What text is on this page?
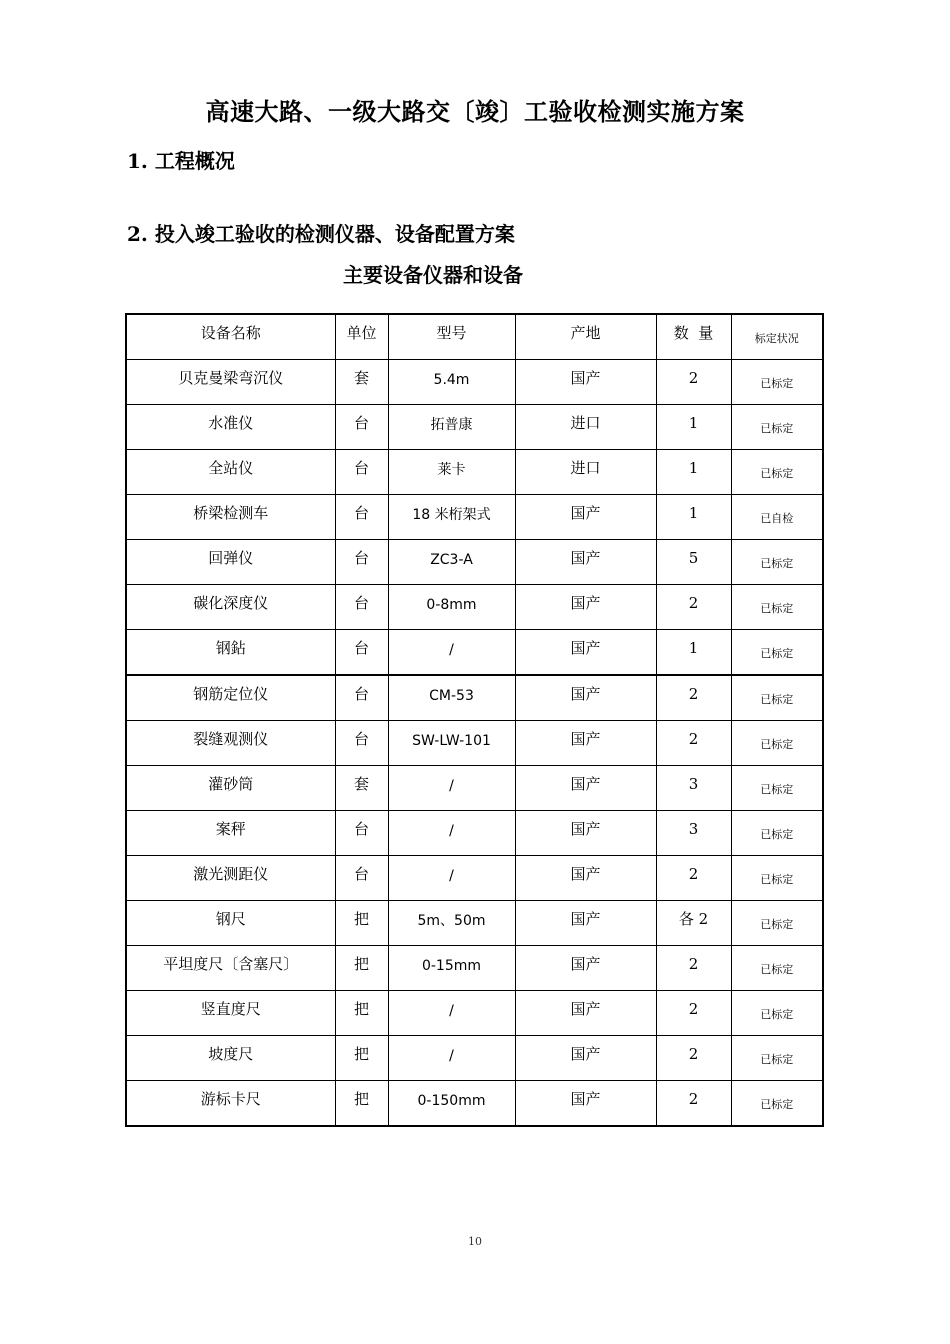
高速大路、一级大路交〔竣〕工验收检测实施方案
1. 工程概况
2. 投入竣工验收的检测仪器、设备配置方案
主要设备仪器和设备
设备名称	单位	型号	产地	数  量	标定状况

贝克曼梁弯沉仪	套	5.4m	国产	2	已标定

水准仪	台	拓普康	进口	1	已标定

全站仪	台	莱卡	进口	1	已标定

桥梁检测车	台	18 米桁架式	国产	1	已自检

回弹仪	台	ZC3-A	国产	5	已标定

碳化深度仪	台	0-8mm	国产	2	已标定

钢鉆	台	/	国产	1	已标定

钢筋定位仪	台	CM-53	国产	2	已标定

裂缝观测仪	台	SW-LW-101	国产	2	已标定

灌砂筒	套	/	国产	3	已标定

案秤	台	/	国产	3	已标定

激光测距仪	台	/	国产	2	已标定

钢尺	把	5m、50m	国产	各 2	已标定

平坦度尺〔含塞尺〕	把	0-15mm	国产	2	已标定

竖直度尺	把	/	国产	2	已标定

坡度尺	把	/	国产	2	已标定

游标卡尺	把	0-150mm	国产	2	已标定
10
